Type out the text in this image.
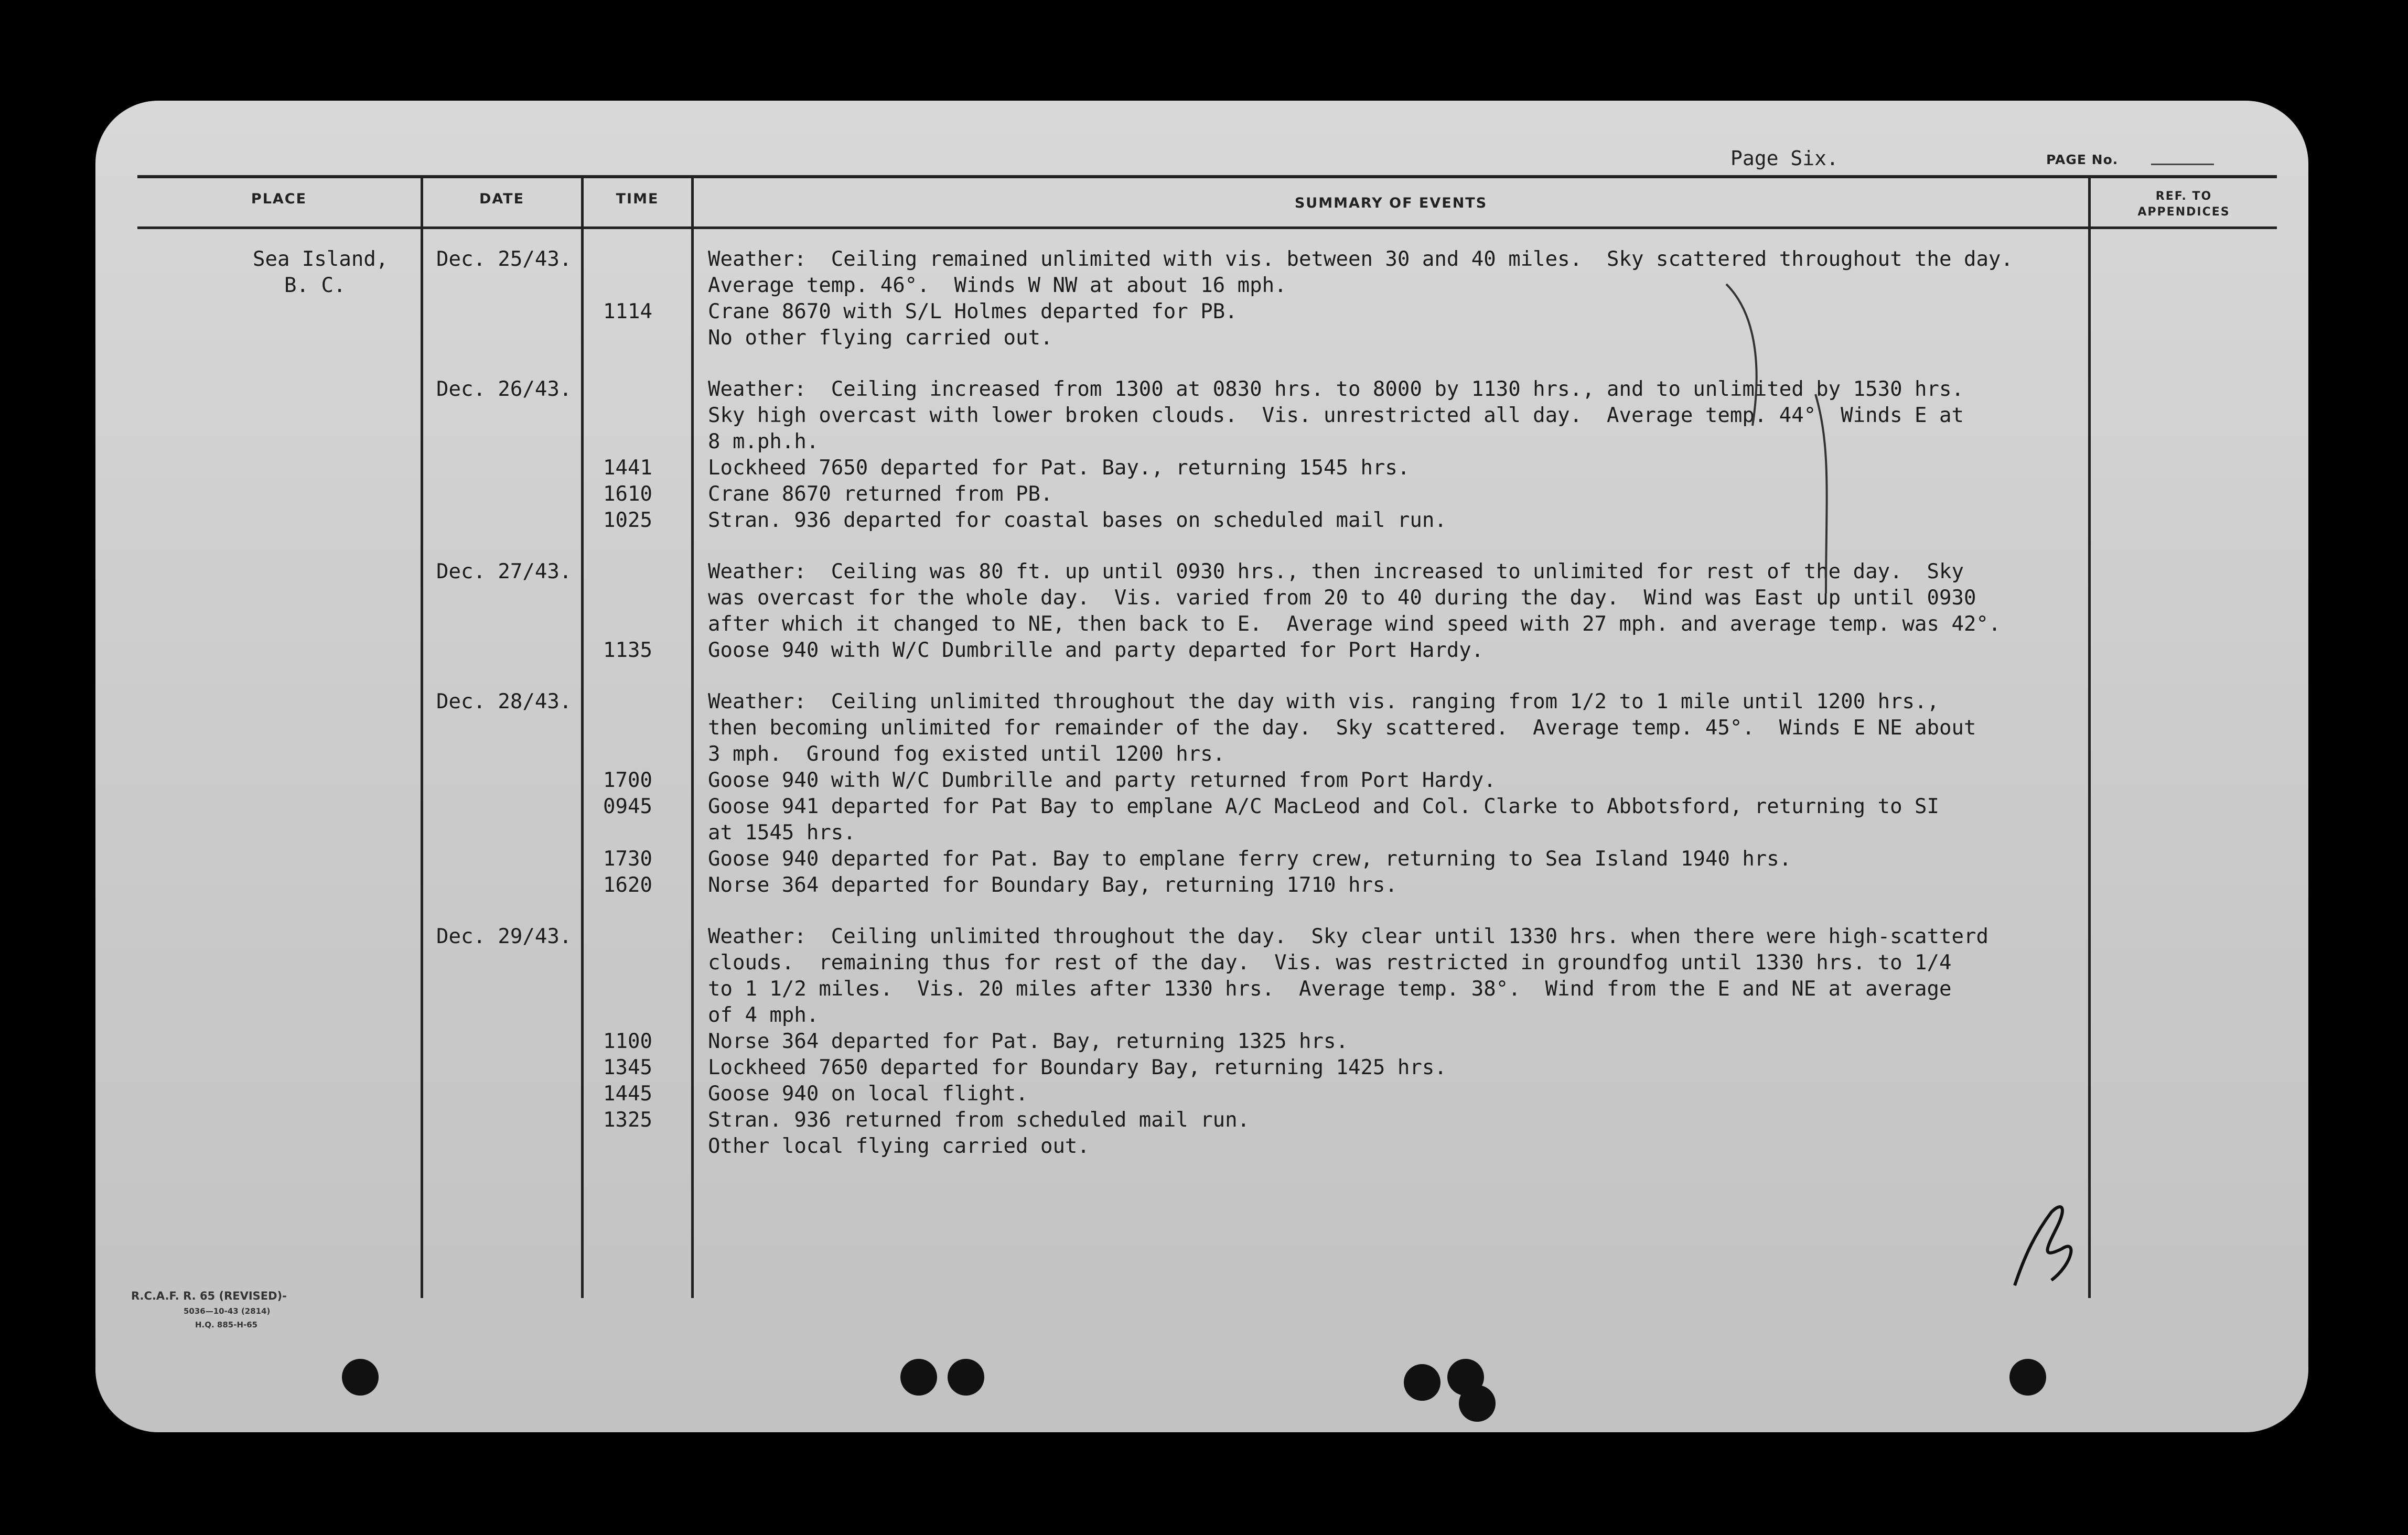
Page Six.	PAGE No.
PLACE	DATE	TIME	SUMMARY OF EVENTS	REF. TO
APPENDICES
Sea Island,
B. C.
Dec. 25/43.	Weather:  Ceiling remained unlimited with vis. between 30 and 40 miles.  Sky scattered throughout the day.
Average temp. 46°.  Winds W NW at about 16 mph.
1114	Crane 8670 with S/L Holmes departed for PB.
No other flying carried out.
Dec. 26/43.	Weather:  Ceiling increased from 1300 at 0830 hrs. to 8000 by 1130 hrs., and to unlimited by 1530 hrs.
Sky high overcast with lower broken clouds.  Vis. unrestricted all day.  Average temp. 44°  Winds E at
8 m.ph.h.
1441	Lockheed 7650 departed for Pat. Bay., returning 1545 hrs.
1610	Crane 8670 returned from PB.
1025	Stran. 936 departed for coastal bases on scheduled mail run.
Dec. 27/43.	Weather:  Ceiling was 80 ft. up until 0930 hrs., then increased to unlimited for rest of the day.  Sky
was overcast for the whole day.  Vis. varied from 20 to 40 during the day.  Wind was East up until 0930
after which it changed to NE, then back to E.  Average wind speed with 27 mph. and average temp. was 42°.
1135	Goose 940 with W/C Dumbrille and party departed for Port Hardy.
Dec. 28/43.	Weather:  Ceiling unlimited throughout the day with vis. ranging from 1/2 to 1 mile until 1200 hrs.,
then becoming unlimited for remainder of the day.  Sky scattered.  Average temp. 45°.  Winds E NE about
3 mph.  Ground fog existed until 1200 hrs.
1700	Goose 940 with W/C Dumbrille and party returned from Port Hardy.
0945	Goose 941 departed for Pat Bay to emplane A/C MacLeod and Col. Clarke to Abbotsford, returning to SI
at 1545 hrs.
1730	Goose 940 departed for Pat. Bay to emplane ferry crew, returning to Sea Island 1940 hrs.
1620	Norse 364 departed for Boundary Bay, returning 1710 hrs.
Dec. 29/43.	Weather:  Ceiling unlimited throughout the day.  Sky clear until 1330 hrs. when there were high-scatterd
clouds.  remaining thus for rest of the day.  Vis. was restricted in groundfog until 1330 hrs. to 1/4
to 1 1/2 miles.  Vis. 20 miles after 1330 hrs.  Average temp. 38°.  Wind from the E and NE at average
of 4 mph.
1100	Norse 364 departed for Pat. Bay, returning 1325 hrs.
1345	Lockheed 7650 departed for Boundary Bay, returning 1425 hrs.
1445	Goose 940 on local flight.
1325	Stran. 936 returned from scheduled mail run.
Other local flying carried out.
R.C.A.F. R. 65 (REVISED)-
5036—10-43 (2814)
H.Q. 885-H-65
